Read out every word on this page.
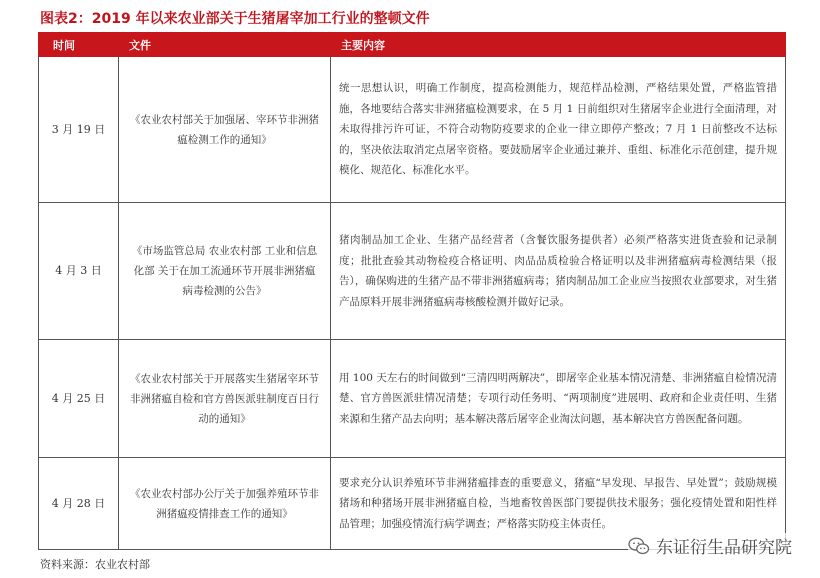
图表2：2019 年以来农业部关于生猪屠宰加工行业的整顿文件
时间	文件	主要内容
3 月 19 日	《农业农村部关于加强屠、宰环节非洲猪瘟检测工作的通知》	统一思想认识，明确工作制度，提高检测能力，规范样品检测，严格结果处置，严格监管措施，各地要结合落实非洲猪瘟检测要求，在 5 月 1 日前组织对生猪屠宰企业进行全面清理，对未取得排污许可证，不符合动物防疫要求的企业一律立即停产整改；7 月 1 日前整改不达标的，坚决依法取消定点屠宰资格。要鼓励屠宰企业通过兼并、重组、标准化示范创建，提升规模化、规范化、标准化水平。
4 月 3 日	《市场监管总局 农业农村部 工业和信息化部 关于在加工流通环节开展非洲猪瘟病毒检测的公告》	猪肉制品加工企业、生猪产品经营者（含餐饮服务提供者）必须严格落实进货查验和记录制度；批批查验其动物检疫合格证明、肉品品质检验合格证明以及非洲猪瘟病毒检测结果（报告），确保购进的生猪产品不带非洲猪瘟病毒；猪肉制品加工企业应当按照农业部要求，对生猪产品原料开展非洲猪瘟病毒核酸检测并做好记录。
4 月 25 日	《农业农村部关于开展落实生猪屠宰环节非洲猪瘟自检和官方兽医派驻制度百日行动的通知》	用 100 天左右的时间做到“三清四明两解决”，即屠宰企业基本情况清楚、非洲猪瘟自检情况清楚、官方兽医派驻情况清楚；专项行动任务明、“两项制度”进展明、政府和企业责任明、生猪来源和生猪产品去向明；基本解决落后屠宰企业淘汰问题，基本解决官方兽医配备问题。
4 月 28 日	《农业农村部办公厅关于加强养殖环节非洲猪瘟疫情排查工作的通知》	要求充分认识养殖环节非洲猪瘟排查的重要意义，猪瘟“早发现、早报告、早处置”；鼓励规模猪场和种猪场开展非洲猪瘟自检，当地畜牧兽医部门要提供技术服务；强化疫情处置和阳性样品管理；加强疫情流行病学调查；严格落实防疫主体责任。
资料来源：农业农村部
东证衍生品研究院
